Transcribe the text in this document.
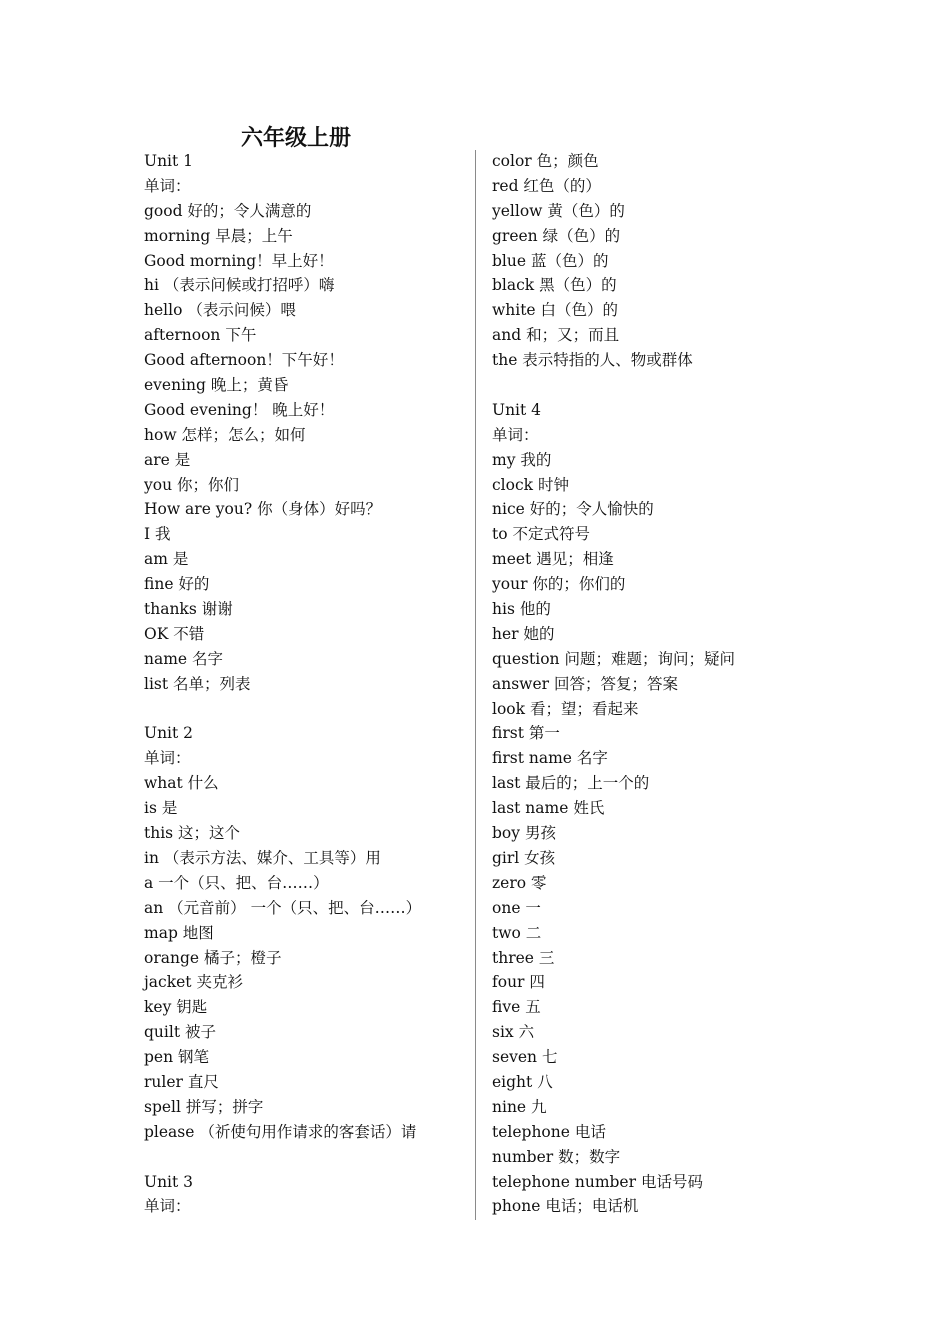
六年级上册
Unit 1
单词：
good 好的；令人满意的
morning 早晨；上午
Good morning！早上好！
hi （表示问候或打招呼）嗨
hello （表示问候）喂
afternoon 下午
Good afternoon！下午好！
evening 晚上；黄昏
Good evening！ 晚上好！
how 怎样；怎么；如何
are 是
you 你；你们
How are you? 你（身体）好吗？
I 我
am 是
fine 好的
thanks 谢谢
OK 不错
name 名字
list 名单；列表
Unit 2
单词：
what 什么
is 是
this 这；这个
in （表示方法、媒介、工具等）用
a 一个（只、把、台……）
an （元音前） 一个（只、把、台……）
map 地图
orange 橘子；橙子
jacket 夹克衫
key 钥匙
quilt 被子
pen 钢笔
ruler 直尺
spell 拼写；拼字
please （祈使句用作请求的客套话）请
Unit 3
单词：
color 色；颜色
red 红色（的）
yellow 黄（色）的
green 绿（色）的
blue 蓝（色）的
black 黑（色）的
white 白（色）的
and 和；又；而且
the 表示特指的人、物或群体
Unit 4
单词：
my 我的
clock 时钟
nice 好的；令人愉快的
to 不定式符号
meet 遇见；相逢
your 你的；你们的
his 他的
her 她的
question 问题；难题；询问；疑问
answer 回答；答复；答案
look 看；望；看起来
first 第一
first name 名字
last 最后的；上一个的
last name 姓氏
boy 男孩
girl 女孩
zero 零
one 一
two 二
three 三
four 四
five 五
six 六
seven 七
eight 八
nine 九
telephone 电话
number 数；数字
telephone number 电话号码
phone 电话；电话机
